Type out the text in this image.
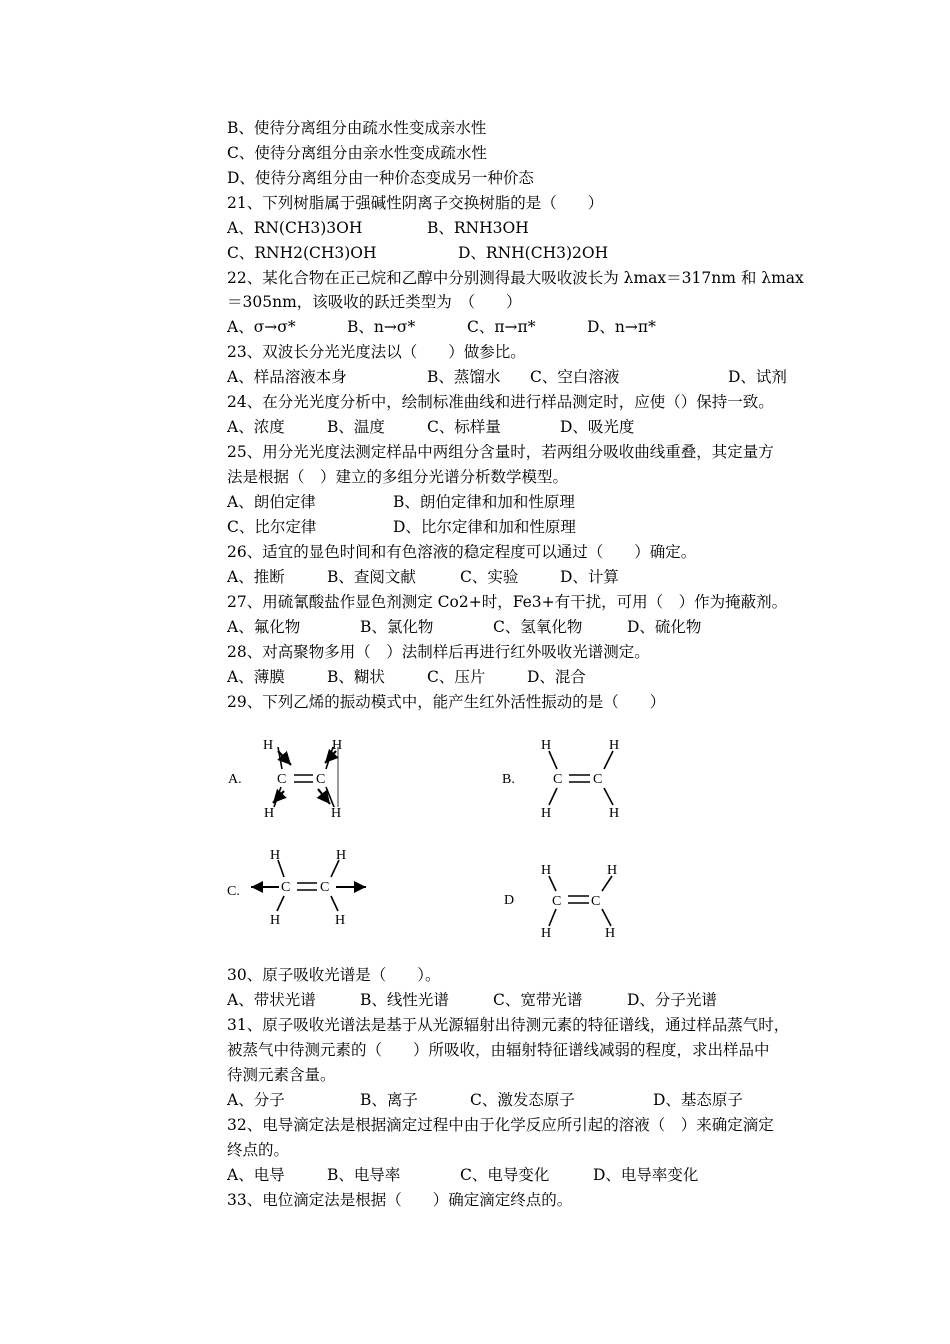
B、使待分离组分由疏水性变成亲水性
C、使待分离组分由亲水性变成疏水性
D、使待分离组分由一种价态变成另一种价态
21、下列树脂属于强碱性阴离子交换树脂的是（　　）
A、RN(CH3)3OH	B、RNH3OH
C、RNH2(CH3)OH	D、RNH(CH3)2OH
22、某化合物在正己烷和乙醇中分别测得最大吸收波长为 λmax＝317nm 和 λmax
＝305nm，该吸收的跃迁类型为　（　　）
A、σ→σ*	B、n→σ*	C、π→π*	D、n→π*
23、双波长分光光度法以（　　）做参比。
A、样品溶液本身	B、蒸馏水 C、空白溶液	D、试剂
24、在分光光度分析中，绘制标准曲线和进行样品测定时，应使（）保持一致。
A、浓度	B、温度	C、标样量	D、吸光度
25、用分光光度法测定样品中两组分含量时，若两组分吸收曲线重叠，其定量方
法是根据（　）建立的多组分光谱分析数学模型。
A、朗伯定律	B、朗伯定律和加和性原理
C、比尔定律	D、比尔定律和加和性原理
26、适宜的显色时间和有色溶液的稳定程度可以通过（　　）确定。
A、推断	B、查阅文献	C、实验	D、计算
27、用硫氰酸盐作显色剂测定 Co2+时，Fe3+有干扰，可用（　）作为掩蔽剂。
A、氟化物	B、氯化物	C、氢氧化物	D、硫化物
28、对高聚物多用（　）法制样后再进行红外吸收光谱测定。
A、薄膜	B、糊状	C、压片	D、混合
29、下列乙烯的振动模式中，能产生红外活性振动的是（　　）
A.
H	H
C C
H	H
B.
H	H
C C
H	H
C.
H	H
C C
H	H
D
H	H
C C
H	H
30、原子吸收光谱是（　　）。
A、带状光谱	B、线性光谱	C、宽带光谱	D、分子光谱
31、原子吸收光谱法是基于从光源辐射出待测元素的特征谱线，通过样品蒸气时，
被蒸气中待测元素的（　　）所吸收，由辐射特征谱线减弱的程度，求出样品中
待测元素含量。
A、分子	B、离子	C、激发态原子	D、基态原子
32、电导滴定法是根据滴定过程中由于化学反应所引起的溶液（　）来确定滴定
终点的。
A、电导	B、电导率	C、电导变化	D、电导率变化
33、电位滴定法是根据（　　）确定滴定终点的。
